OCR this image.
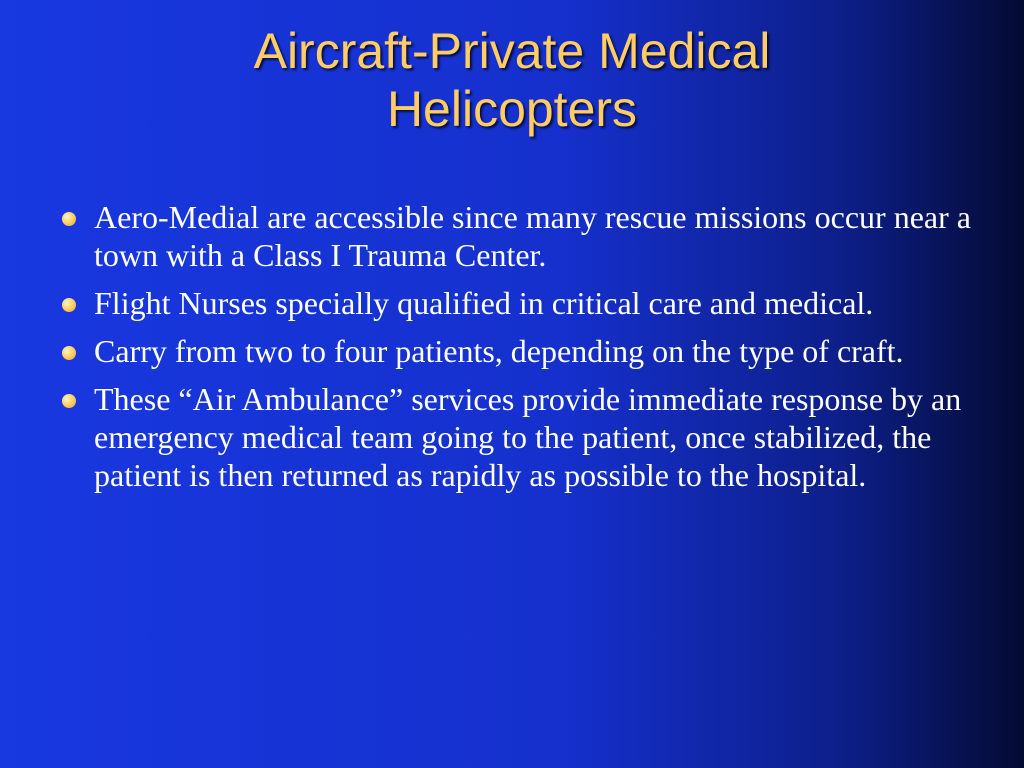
Aircraft-Private Medical
Helicopters
Aero-Medial are accessible since many rescue missions occur near a town with a Class I Trauma Center.
Flight Nurses specially qualified in critical care and medical.
Carry from two to four patients, depending on the type of craft.
These “Air Ambulance” services provide immediate response by an emergency medical team going to the patient, once stabilized, the patient is then returned as rapidly as possible to the hospital.
